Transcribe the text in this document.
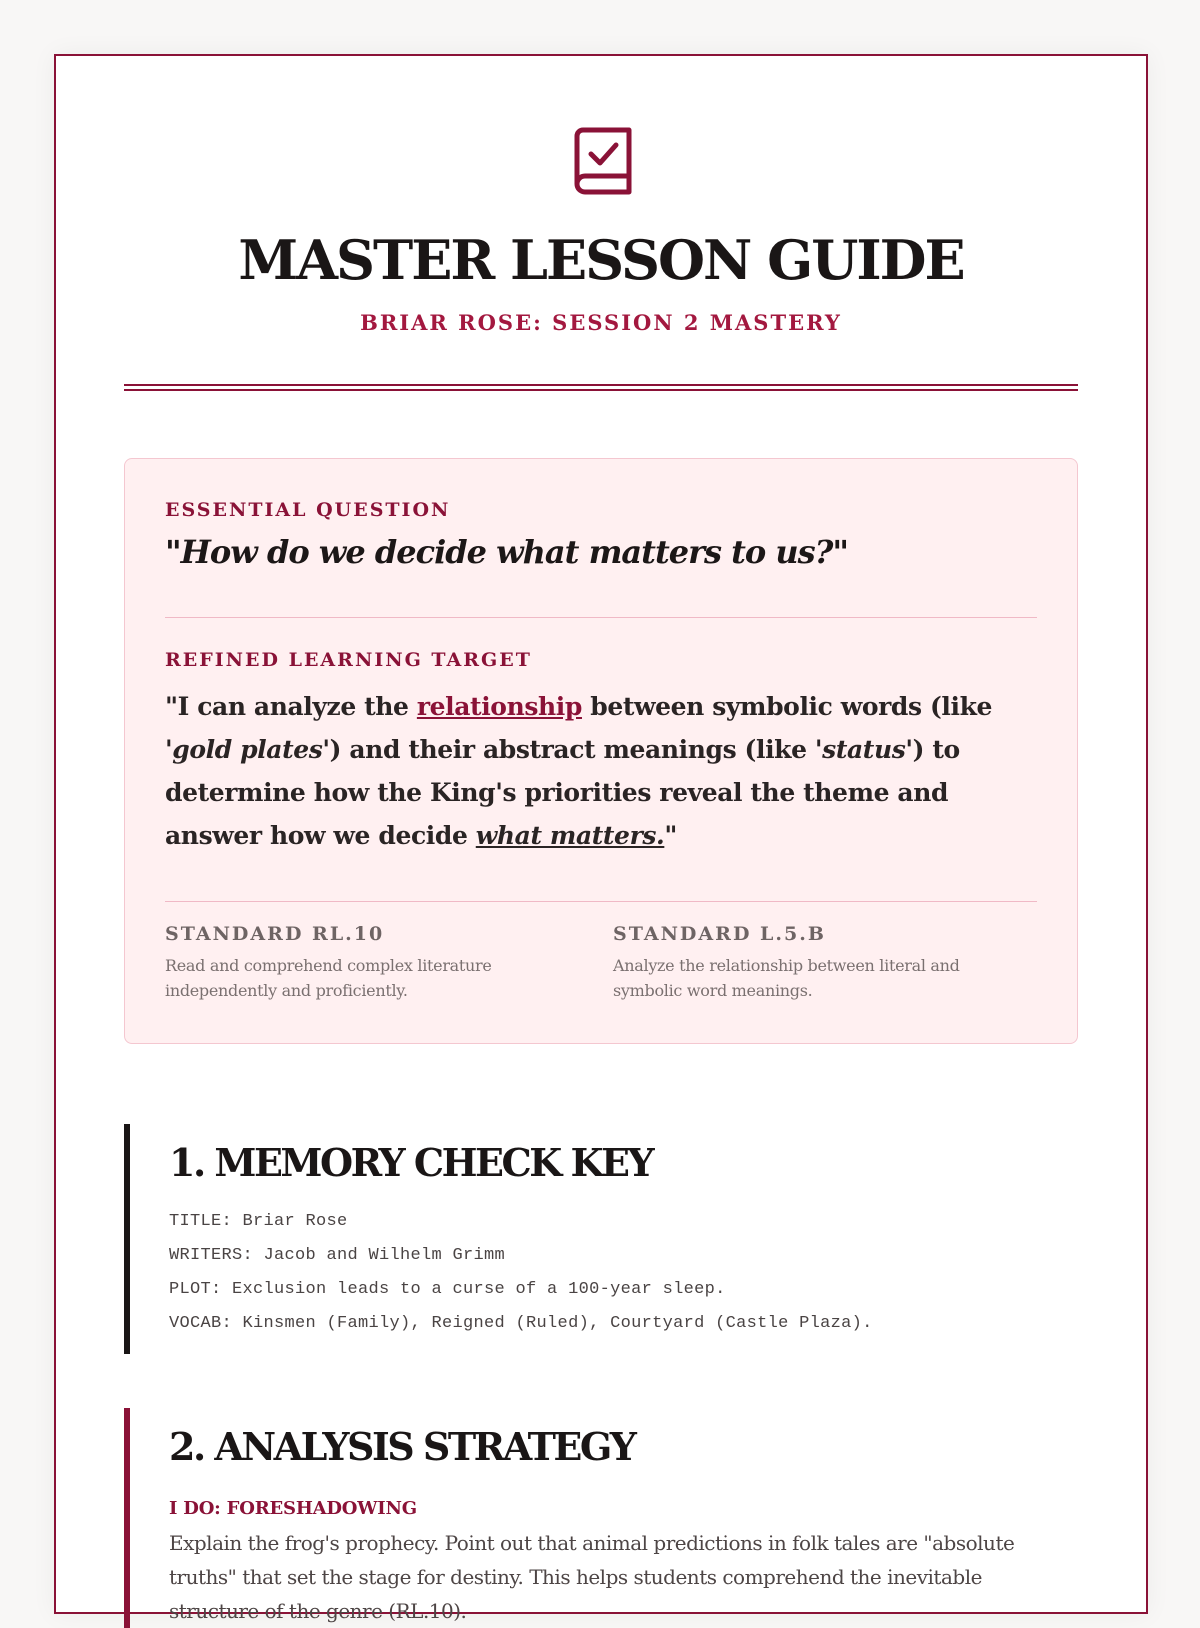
MASTER LESSON GUIDE
BRIAR ROSE: SESSION 2 MASTERY
ESSENTIAL QUESTION
"How do we decide what matters to us?"
REFINED LEARNING TARGET
"I can analyze the relationship between symbolic words (like 'gold plates') and their abstract meanings (like 'status') to determine how the King's priorities reveal the theme and answer how we decide what matters."
STANDARD RL.10
Read and comprehend complex literature independently and proficiently.
STANDARD L.5.B
Analyze the relationship between literal and symbolic word meanings.
1. MEMORY CHECK KEY
TITLE: Briar Rose
WRITERS: Jacob and Wilhelm Grimm
PLOT: Exclusion leads to a curse of a 100-year sleep.
VOCAB: Kinsmen (Family), Reigned (Ruled), Courtyard (Castle Plaza).
2. ANALYSIS STRATEGY
I DO: FORESHADOWING
Explain the frog's prophecy. Point out that animal predictions in folk tales are "absolute truths" that set the stage for destiny. This helps students comprehend the inevitable structure of the genre (RL.10).
